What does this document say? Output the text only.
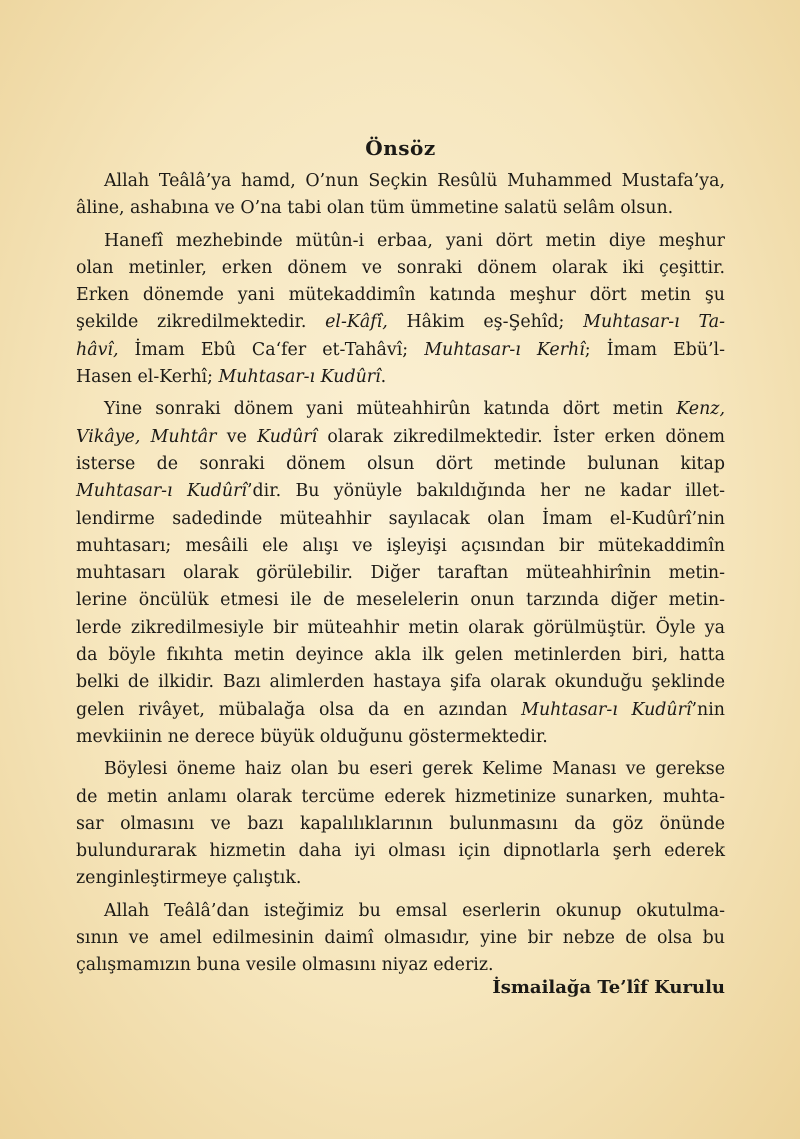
Önsöz
Allah Teâlâ’ya hamd, O’nun Seçkin Resûlü Muhammed Mustafa’ya,
âline, ashabına ve O’na tabi olan tüm ümmetine salatü selâm olsun.
Hanefî mezhebinde mütûn-i erbaa, yani dört metin diye meşhur
olan metinler, erken dönem ve sonraki dönem olarak iki çeşittir.
Erken dönemde yani mütekaddimîn katında meşhur dört metin şu
şekilde zikredilmektedir. el-Kâfî, Hâkim eş-Şehîd; Muhtasar-ı Ta-
hâvî, İmam Ebû Ca‘fer et-Tahâvî; Muhtasar-ı Kerhî; İmam Ebü’l-
Hasen el-Kerhî; Muhtasar-ı Kudûrî.
Yine sonraki dönem yani müteahhirûn katında dört metin Kenz,
Vikâye, Muhtâr ve Kudûrî olarak zikredilmektedir. İster erken dönem
isterse de sonraki dönem olsun dört metinde bulunan kitap
Muhtasar-ı Kudûrî’dir. Bu yönüyle bakıldığında her ne kadar illet-
lendirme sadedinde müteahhir sayılacak olan İmam el-Kudûrî’nin
muhtasarı; mesâili ele alışı ve işleyişi açısından bir mütekaddimîn
muhtasarı olarak görülebilir. Diğer taraftan müteahhirînin metin-
lerine öncülük etmesi ile de meselelerin onun tarzında diğer metin-
lerde zikredilmesiyle bir müteahhir metin olarak görülmüştür. Öyle ya
da böyle fıkıhta metin deyince akla ilk gelen metinlerden biri, hatta
belki de ilkidir. Bazı alimlerden hastaya şifa olarak okunduğu şeklinde
gelen rivâyet, mübalağa olsa da en azından Muhtasar-ı Kudûrî’nin
mevkiinin ne derece büyük olduğunu göstermektedir.
Böylesi öneme haiz olan bu eseri gerek Kelime Manası ve gerekse
de metin anlamı olarak tercüme ederek hizmetinize sunarken, muhta-
sar olmasını ve bazı kapalılıklarının bulunmasını da göz önünde
bulundurarak hizmetin daha iyi olması için dipnotlarla şerh ederek
zenginleştirmeye çalıştık.
Allah Teâlâ’dan isteğimiz bu emsal eserlerin okunup okutulma-
sının ve amel edilmesinin daimî olmasıdır, yine bir nebze de olsa bu
çalışmamızın buna vesile olmasını niyaz ederiz.
İsmailağa Te’lîf Kurulu
